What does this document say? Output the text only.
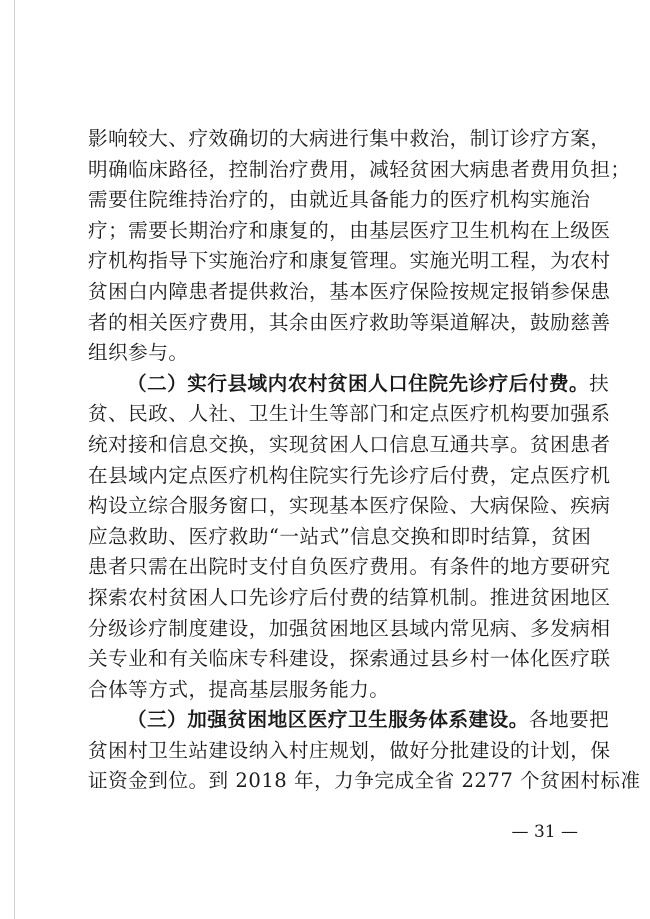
影响较大、疗效确切的大病进行集中救治，制订诊疗方案，
明确临床路径，控制治疗费用，减轻贫困大病患者费用负担；
需要住院维持治疗的，由就近具备能力的医疗机构实施治
疗；需要长期治疗和康复的，由基层医疗卫生机构在上级医
疗机构指导下实施治疗和康复管理。实施光明工程，为农村
贫困白内障患者提供救治，基本医疗保险按规定报销参保患
者的相关医疗费用，其余由医疗救助等渠道解决，鼓励慈善
组织参与。
（二）实行县域内农村贫困人口住院先诊疗后付费。扶
贫、民政、人社、卫生计生等部门和定点医疗机构要加强系
统对接和信息交换，实现贫困人口信息互通共享。贫困患者
在县域内定点医疗机构住院实行先诊疗后付费，定点医疗机
构设立综合服务窗口，实现基本医疗保险、大病保险、疾病
应急救助、医疗救助“一站式”信息交换和即时结算，贫困
患者只需在出院时支付自负医疗费用。有条件的地方要研究
探索农村贫困人口先诊疗后付费的结算机制。推进贫困地区
分级诊疗制度建设，加强贫困地区县域内常见病、多发病相
关专业和有关临床专科建设，探索通过县乡村一体化医疗联
合体等方式，提高基层服务能力。
（三）加强贫困地区医疗卫生服务体系建设。各地要把
贫困村卫生站建设纳入村庄规划，做好分批建设的计划，保
证资金到位。到 2018 年，力争完成全省 2277 个贫困村标准
— 31 —
